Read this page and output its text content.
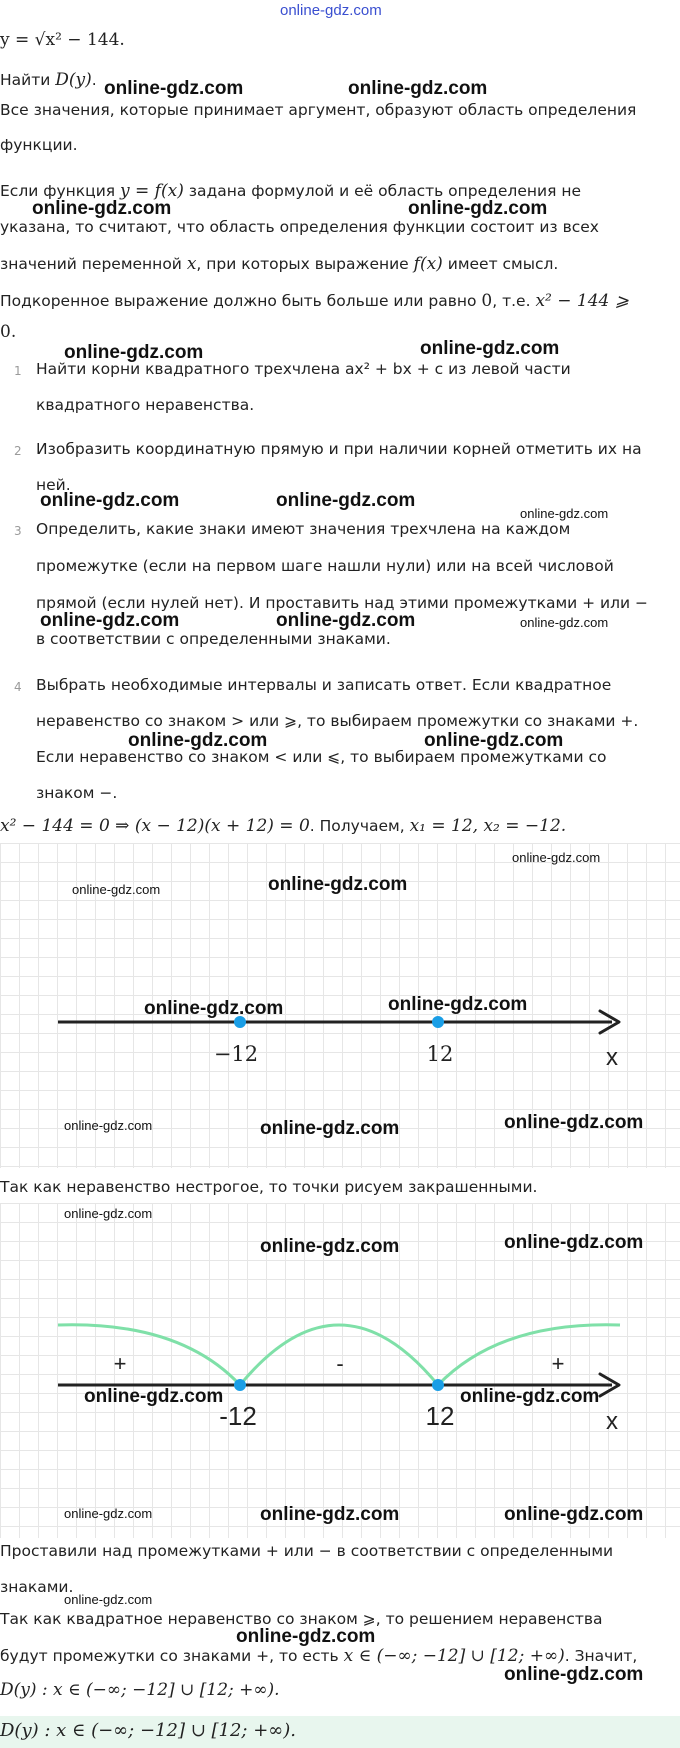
online-gdz.com
y = √x² − 144.
Найти D(y).
Все значения, которые принимает аргумент, образуют область определения
функции.
Если функция y = f(x) задана формулой и её область определения не
указана, то считают, что область определения функции состоит из всех
значений переменной x, при которых выражение f(x) имеет смысл.
Подкоренное выражение должно быть больше или равно 0, т.е. x² − 144 ⩾
0.
1 Найти корни квадратного трехчлена ax² + bx + c из левой части
квадратного неравенства.
2 Изобразить координатную прямую и при наличии корней отметить их на
ней.
3 Определить, какие знаки имеют значения трехчлена на каждом
промежутке (если на первом шаге нашли нули) или на всей числовой
прямой (если нулей нет). И проставить над этими промежутками + или −
в соответствии с определенными знаками.
4 Выбрать необходимые интервалы и записать ответ. Если квадратное
неравенство со знаком > или ⩾, то выбираем промежутки со знаками +.
Если неравенство со знаком < или ⩽, то выбираем промежутками со
знаком −.
x² − 144 = 0 ⇒ (x − 12)(x + 12) = 0. Получаем, x₁ = 12, x₂ = −12.
−12	12	x
Так как неравенство нестрогое, то точки рисуем закрашенными.
+	-	+
-12	12	x
Проставили над промежутками + или − в соответствии с определенными
знаками.
Так как квадратное неравенство со знаком ⩾, то решением неравенства
будут промежутки со знаками +, то есть x ∈ (−∞; −12] ∪ [12; +∞). Значит,
D(y) : x ∈ (−∞; −12] ∪ [12; +∞).
D(y) : x ∈ (−∞; −12] ∪ [12; +∞).
online-gdz.com	online-gdz.com
online-gdz.com	online-gdz.com
online-gdz.com	online-gdz.com
online-gdz.com	online-gdz.com
online-gdz.com
online-gdz.com	online-gdz.com	online-gdz.com
online-gdz.com	online-gdz.com
online-gdz.com
online-gdz.com	online-gdz.com
online-gdz.com	online-gdz.com
online-gdz.com	online-gdz.com	online-gdz.com
online-gdz.com
online-gdz.com	online-gdz.com
online-gdz.com	online-gdz.com
online-gdz.com	online-gdz.com	online-gdz.com
online-gdz.com
online-gdz.com
online-gdz.com
